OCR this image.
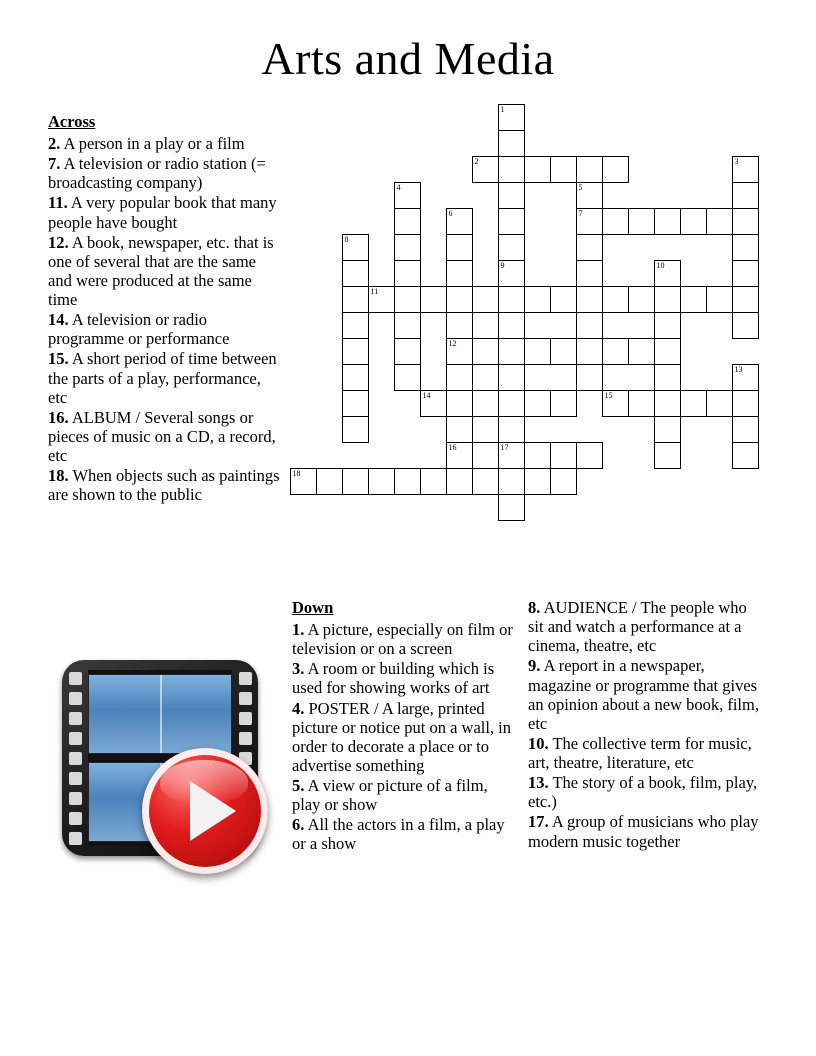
Arts and Media
Across
2. A person in a play or a film
7. A television or radio station (= broadcasting company)
11. A very popular book that many people have bought
12. A book, newspaper, etc. that is one of several that are the same and were produced at the same time
14. A television or radio programme or performance
15. A short period of time between the parts of a play, performance, etc
16. ALBUM / Several songs or pieces of music on a CD, a record, etc
18. When objects such as paintings are shown to the public
Down
1. A picture, especially on film or television or on a screen
3. A room or building which is used for showing works of art
4. POSTER / A large, printed picture or notice put on a wall, in order to decorate a place or to advertise something
5. A view or picture of a film, play or show
6. All the actors in a film, a play or a show
8. AUDIENCE / The people who sit and watch a performance at a cinema, theatre, etc
9. A report in a newspaper, magazine or programme that gives an opinion about a new book, film, etc
10. The collective term for music, art, theatre, literature, etc
13. The story of a book, film, play, etc.)
17. A group of musicians who play modern music together
1
2	3
4	5
6	7
8
9	10
11
12
13
14	15
16	17
18
